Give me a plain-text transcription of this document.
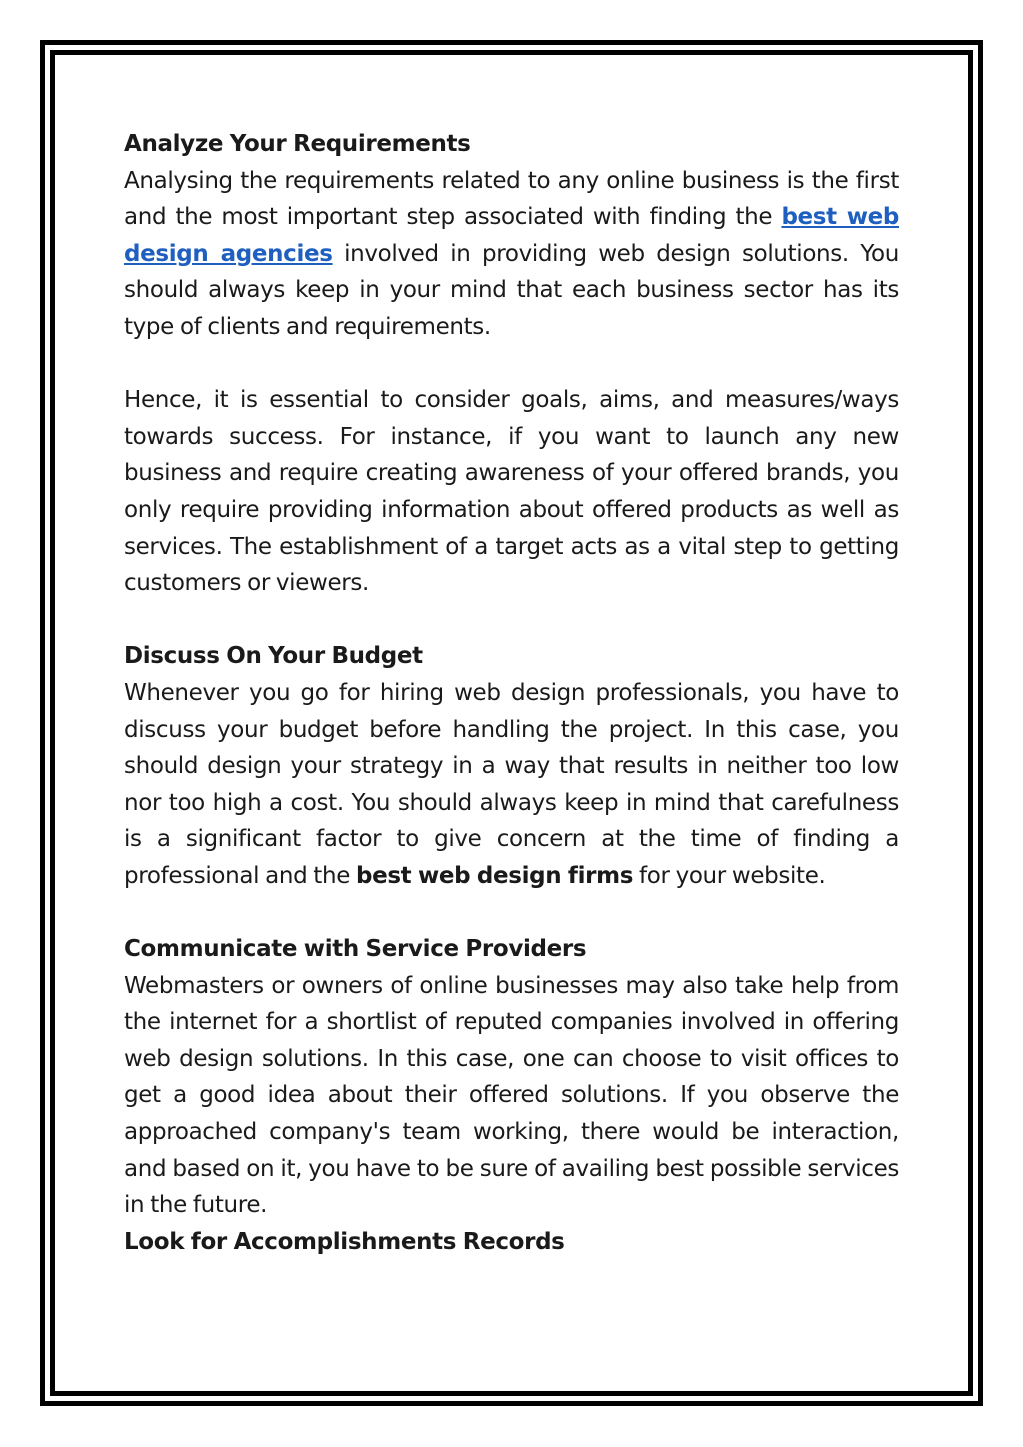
Analyze Your Requirements

Analysing the requirements related to any online business is the first and the most important step associated with finding the best web design agencies involved in providing web design solutions. You should always keep in your mind that each business sector has its type of clients and requirements.

Hence, it is essential to consider goals, aims, and measures/ways towards success. For instance, if you want to launch any new business and require creating awareness of your offered brands, you only require providing information about offered products as well as services. The establishment of a target acts as a vital step to getting customers or viewers.

Discuss On Your Budget

Whenever you go for hiring web design professionals, you have to discuss your budget before handling the project. In this case, you should design your strategy in a way that results in neither too low nor too high a cost. You should always keep in mind that carefulness is a significant factor to give concern at the time of finding a professional and the best web design firms for your website.

Communicate with Service Providers

Webmasters or owners of online businesses may also take help from the internet for a shortlist of reputed companies involved in offering web design solutions. In this case, one can choose to visit offices to get a good idea about their offered solutions. If you observe the approached company's team working, there would be interaction, and based on it, you have to be sure of availing best possible services in the future.

Look for Accomplishments Records
